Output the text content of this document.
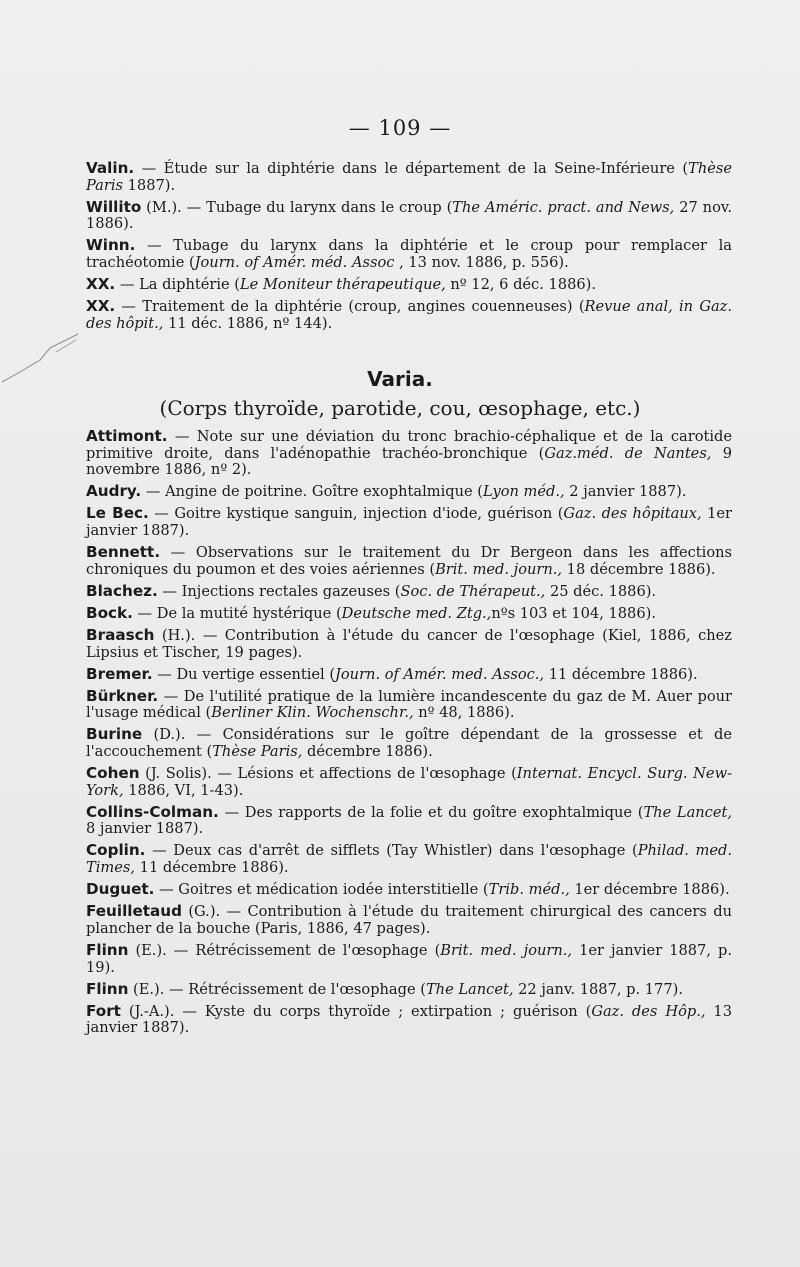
— 109 —
Valin. — Étude sur la diphtérie dans le département de la Seine-Inférieure (Thèse Paris 1887).
Willito (M.). — Tubage du larynx dans le croup (The Améric. pract. and News, 27 nov. 1886).
Winn. — Tubage du larynx dans la diphtérie et le croup pour remplacer la trachéotomie (Journ. of Amér. méd. Assoc , 13 nov. 1886, p. 556).
XX. — La diphtérie (Le Moniteur thérapeutique, nº 12, 6 déc. 1886).
XX. — Traitement de la diphtérie (croup, angines couenneuses) (Revue anal, in Gaz. des hôpit., 11 déc. 1886, nº 144).
Varia.
(Corps thyroïde, parotide, cou, œsophage, etc.)
Attimont. — Note sur une déviation du tronc brachio-céphalique et de la carotide primitive droite, dans l'adénopathie trachéo-bronchique (Gaz.méd. de Nantes, 9 novembre 1886, nº 2).
Audry. — Angine de poitrine. Goître exophtalmique (Lyon méd., 2 janvier 1887).
Le Bec. — Goitre kystique sanguin, injection d'iode, guérison (Gaz. des hôpitaux, 1er janvier 1887).
Bennett. — Observations sur le traitement du Dr Bergeon dans les affections chroniques du poumon et des voies aériennes (Brit. med. journ., 18 décembre 1886).
Blachez. — Injections rectales gazeuses (Soc. de Thérapeut., 25 déc. 1886).
Bock. — De la mutité hystérique (Deutsche med. Ztg.,nºs 103 et 104, 1886).
Braasch (H.). — Contribution à l'étude du cancer de l'œsophage (Kiel, 1886, chez Lipsius et Tischer, 19 pages).
Bremer. — Du vertige essentiel (Journ. of Amér. med. Assoc., 11 décembre 1886).
Bürkner. — De l'utilité pratique de la lumière incandescente du gaz de M. Auer pour l'usage médical (Berliner Klin. Wochenschr., nº 48, 1886).
Burine (D.). — Considérations sur le goître dépendant de la grossesse et de l'accouchement (Thèse Paris, décembre 1886).
Cohen (J. Solis). — Lésions et affections de l'œsophage (Internat. Encycl. Surg. New-York, 1886, VI, 1-43).
Collins-Colman. — Des rapports de la folie et du goître exophtalmique (The Lancet, 8 janvier 1887).
Coplin. — Deux cas d'arrêt de sifflets (Tay Whistler) dans l'œsophage (Philad. med. Times, 11 décembre 1886).
Duguet. — Goitres et médication iodée interstitielle (Trib. méd., 1er décembre 1886).
Feuilletaud (G.). — Contribution à l'étude du traitement chirurgical des cancers du plancher de la bouche (Paris, 1886, 47 pages).
Flinn (E.). — Rétrécissement de l'œsophage (Brit. med. journ., 1er janvier 1887, p. 19).
Flinn (E.). — Rétrécissement de l'œsophage (The Lancet, 22 janv. 1887, p. 177).
Fort (J.-A.). — Kyste du corps thyroïde ; extirpation ; guérison (Gaz. des Hôp., 13 janvier 1887).
